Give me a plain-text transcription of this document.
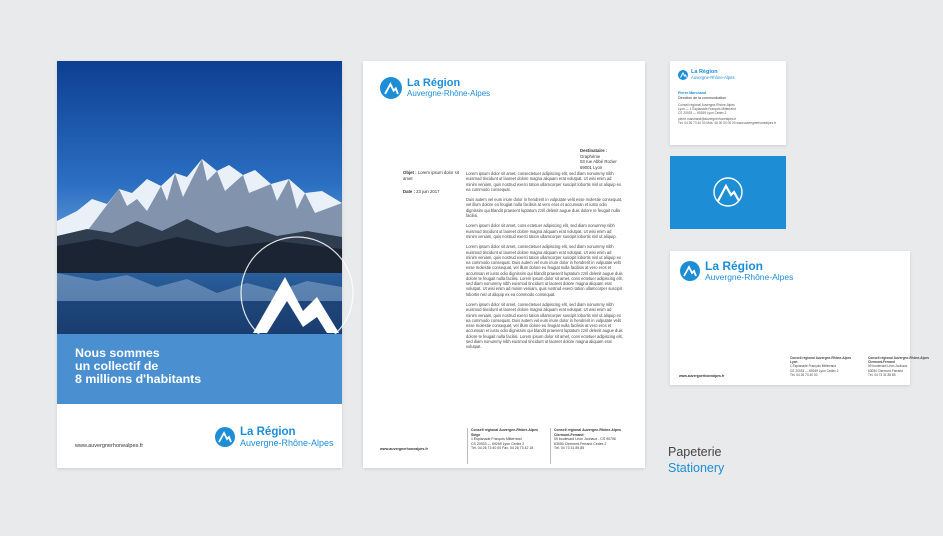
Nous sommes
un collectif de
8 millions d'habitants
www.auvergnerhonealpes.fr
La Région
Auvergne-Rhône-Alpes
La Région
Auvergne-Rhône-Alpes
Destinataire :
Graphème
03 rue Abbé Rozier
69001 Lyon
Objet : Lorem ipsum dolor sit amet
Date : 23 juin 2017

Lorem ipsum dolor sit amet, consectetuer adipiscing elit, sed diam nonummy nibh euismod tincidunt ut laoreet dolore magna aliquam erat volutpat. Ut wisi enim ad minim veniam, quis nostrud exerci tation ullamcorper suscipit lobortis nisl ut aliquip ex ea commodo consequat.

Duis autem vel eum iriure dolor in hendrerit in vulputate velit esse molestie consequat, vel illum dolore eu feugiat nulla facilisis at vero eros et accumsan et iusto odio dignissim qui blandit praesent luptatum zzril delenit augue duis dolore te feugait nulla facilisi.

Lorem ipsum dolor sit amet, cons ectetuer adipiscing elit, sed diam nonummy nibh euismod tincidunt ut laoreet dolore magna aliquam erat volutpat. Ut wisi enim ad minim veniam, quis nostrud exerci tation ullamcorper suscipit lobortis nisl ut aliquip.

Lorem ipsum dolor sit amet, consectetuer adipiscing elit, sed diam nonummy nibh euismod tincidunt ut laoreet dolore magna aliquam erat volutpat. Ut wisi enim ad minim veniam, quis nostrud exerci tation ullamcorper suscipit lobortis nisl ut aliquip ex ea commodo consequat. Duis autem vel eum iriure dolor in hendrerit in vulputate velit esse molestie consequat, vel illum dolore eu feugiat nulla facilisis at vero eros et accumsan et iusto odio dignissim qui blandit praesent luptatum zzril delenit augue duis dolore te feugait nulla facilisi. Lorem ipsum dolor sit amet, cons ectetuer adipiscing elit, sed diam nonummy nibh euismod tincidunt ut laoreet dolore magna aliquam erat volutpat. Ut wisi enim ad minim veniam, quis nostrud exerci tation ullamcorper suscipit lobortis nisl ut aliquip ex ea commodo consequat.

Lorem ipsum dolor sit amet, consectetuer adipiscing elit, sed diam nonummy nibh euismod tincidunt ut laoreet dolore magna aliquam erat volutpat. Ut wisi enim ad minim veniam, quis nostrud exerci tation ullamcorper suscipit lobortis nisl ut aliquip ex ea commodo consequat. Duis autem vel eum iriure dolor in hendrerit in vulputate velit esse molestie consequat, vel illum dolore eu feugiat nulla facilisis at vero eros et accumsan et iusto odio dignissim qui blandit praesent luptatum zzril delenit augue duis dolore te feugait nulla facilisi. Lorem ipsum dolor sit amet, cons ectetuer adipiscing elit, sed diam nonummy nibh euismod tincidunt ut laoreet dolore magna aliquam erat volutpat.

www.auvergnerhonealpes.fr
Conseil régional Auvergne-Rhône-Alpes
Siège
1 Esplanade François Mitterrand
CS 20033 — 69269 Lyon Cedex 2
Tél. 04 26 73 40 00 Fax. 04 26 73 42 18
Conseil régional Auvergne-Rhône-Alpes
Clermont-Ferrand
59 boulevard Léon Jouhaux - CS 90706
63050 Clermont-Ferrand Cedex 2
Tél. 04 73 31 85 85
La Région
Auvergne-Rhône-Alpes
Pierre Marchand
Direction de la communication
Conseil régional Auvergne-Rhône-Alpes
Lyon — 1 Esplanade François Mitterrand
CS 20033 — 69269 Lyon Cedex 2
pierre.marchand@auvergnerhonealpes.fr
Tél. 04 26 73 40 00 Mob. 06 00 00 00 00 www.auvergnerhonealpes.fr
La Région
Auvergne-Rhône-Alpes
www.auvergnerhonealpes.fr
Conseil régional Auvergne-Rhône-Alpes
Lyon
1 Esplanade François Mitterrand
CS 20033 — 69269 Lyon Cedex 2
Tél. 04 26 73 40 00
Conseil régional Auvergne-Rhône-Alpes
Clermont-Ferrand
59 boulevard Léon Jouhaux
63050 Clermont-Ferrand
Tél. 04 73 31 85 85
Papeterie
Stationery
